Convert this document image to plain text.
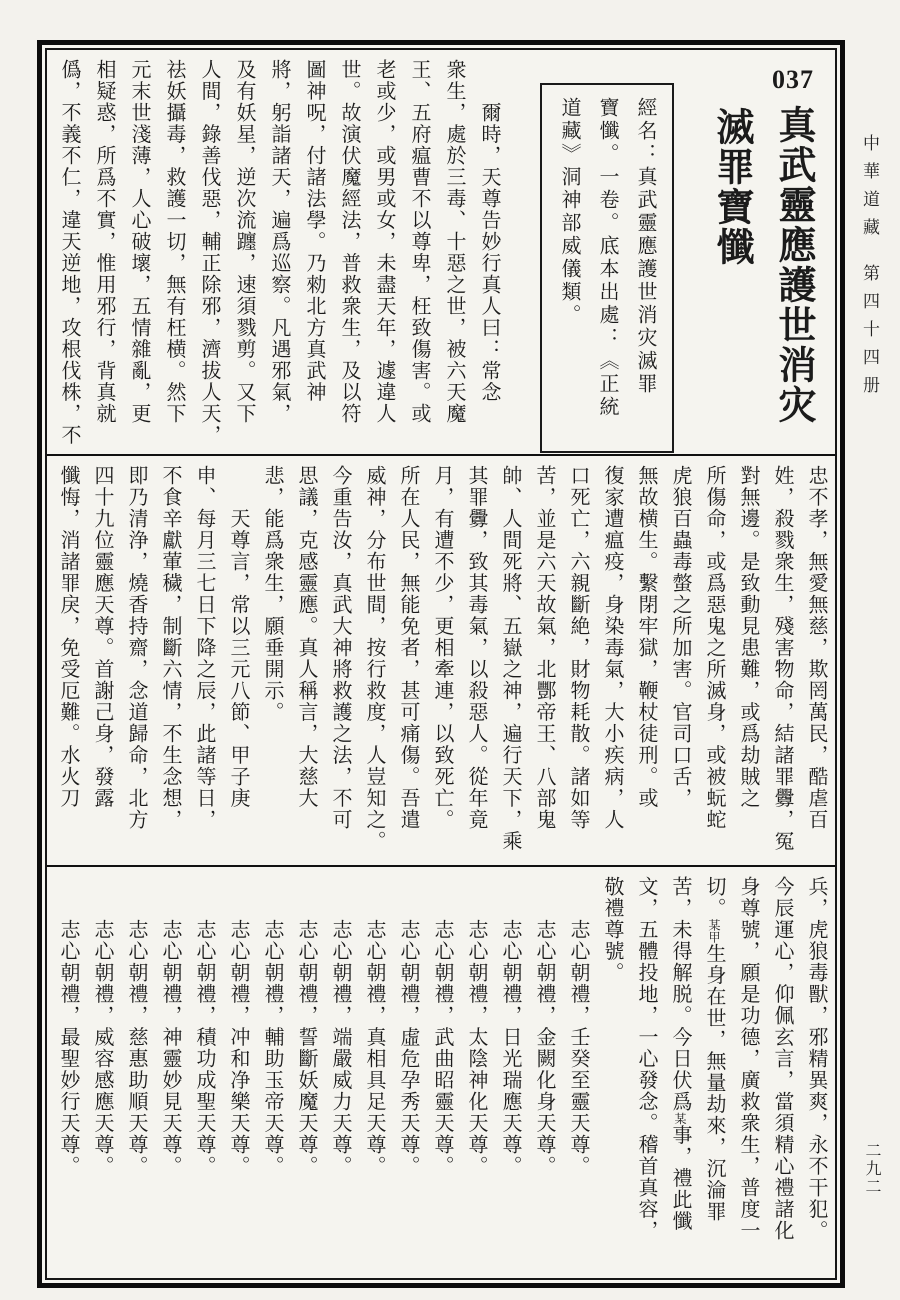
中華道藏第四十四册
二九二
037
真武靈應護世消灾
滅罪寶懺

經名：真武靈應護世消灾滅罪

寶懺。一卷。底本出處：《正統

道藏》洞神部威儀類。

　　爾時，天尊告妙行真人曰：常念

衆生，處於三毒、十惡之世，被六天魔

王、五府瘟曹不以尊卑，枉致傷害。或

老或少，或男或女，未盡天年，遽違人

世。故演伏魔經法，普救衆生，及以符

圖神呪，付諸法學。乃勑北方真武神

將，躬詣諸天，遍爲巡察。凡遇邪氣，

及有妖星，逆次流躔，速須戮剪。又下

人間，錄善伐惡，輔正除邪，濟拔人天，

祛妖攝毒，救護一切，無有枉横。然下

元末世淺薄，人心破壞，五情雜亂，更

相疑惑，所爲不實，惟用邪行，背真就

僞，不義不仁，違天逆地，攻根伐株，不

忠不孝，無愛無慈，欺罔萬民，酷虐百

姓，殺戮衆生，殘害物命，結諸罪釁，冤

對無邊。是致動見患難，或爲劫賊之

所傷命，或爲惡鬼之所滅身，或被蚖蛇

虎狼百蟲毒螫之所加害。官司口舌，

無故横生。繫閉牢獄，鞭杖徒刑。或

復家遭瘟疫，身染毒氣，大小疾病，人

口死亡，六親斷絶，財物耗散。諸如等

苦，並是六天故氣，北酆帝王、八部鬼

帥、人間死將、五嶽之神，遍行天下，乘

其罪釁，致其毒氣，以殺惡人。從年竟

月，有遭不少，更相牽連，以致死亡。

所在人民，無能免者，甚可痛傷。吾遣

威神，分布世間，按行救度，人豈知之。

今重告汝，真武大神將救護之法，不可

思議，克感靈應。真人稱言，大慈大

悲，能爲衆生，願垂開示。

　　天尊言，常以三元八節、甲子庚

申、每月三七日下降之辰，此諸等日，

不食辛獻葷穢，制斷六情，不生念想，

即乃清浄，燒香持齋，念道歸命，北方

四十九位靈應天尊。首謝己身，發露

懺悔，消諸罪戾，免受厄難。水火刀

兵，虎狼毒獸，邪精異爽，永不干犯。

今辰運心，仰佩玄言，當須精心禮諸化

身尊號，願是功德，廣救衆生，普度一

切。某甲生身在世，無量劫來，沉淪罪

苦，未得解脱。今日伏爲某事，禮此懺

文，五體投地，一心發念。稽首真容，

敬禮尊號。

　　志心朝禮，壬癸至靈天尊。

　　志心朝禮，金闕化身天尊。

　　志心朝禮，日光瑞應天尊。

　　志心朝禮，太陰神化天尊。

　　志心朝禮，武曲昭靈天尊。

　　志心朝禮，虛危孕秀天尊。

　　志心朝禮，真相具足天尊。

　　志心朝禮，端嚴威力天尊。

　　志心朝禮，誓斷妖魔天尊。

　　志心朝禮，輔助玉帝天尊。

　　志心朝禮，冲和净樂天尊。

　　志心朝禮，積功成聖天尊。

　　志心朝禮，神靈妙見天尊。

　　志心朝禮，慈惠助順天尊。

　　志心朝禮，威容感應天尊。

　　志心朝禮，最聖妙行天尊。
